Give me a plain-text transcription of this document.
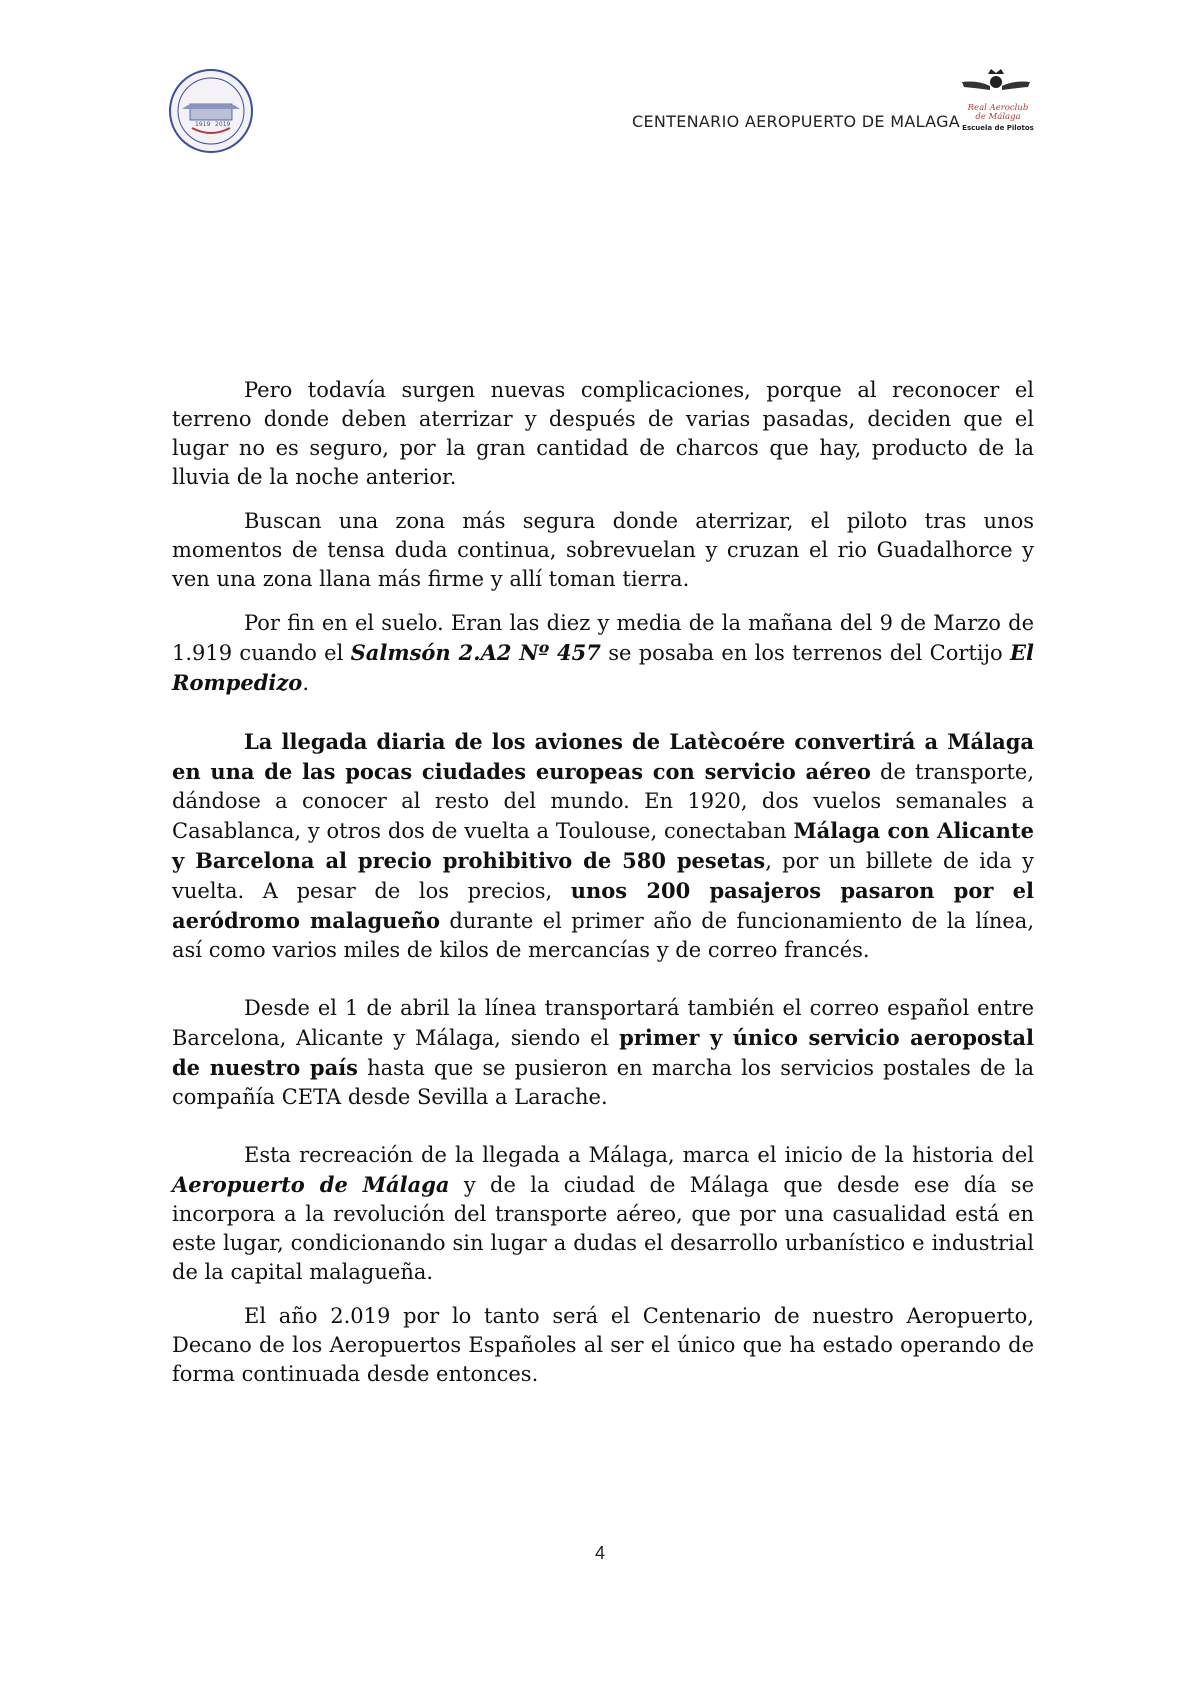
1919 2019	CENTENARIO AEROPUERTO DE MALAGA
Real Aeroclub
de Málaga
Escuela de Pilotos

Pero todavía surgen nuevas complicaciones, porque al reconocer el terreno donde deben aterrizar y después de varias pasadas, deciden que el lugar no es seguro, por la gran cantidad de charcos que hay, producto de la lluvia de la noche anterior.

Buscan una zona más segura donde aterrizar, el piloto tras unos momentos de tensa duda continua, sobrevuelan y cruzan el rio Guadalhorce y ven una zona llana más firme y allí toman tierra.

Por fin en el suelo. Eran las diez y media de la mañana del 9 de Marzo de 1.919 cuando el Salmsón 2.A2 Nº 457 se posaba en los terrenos del Cortijo El Rompedizo.

La llegada diaria de los aviones de Latècoére convertirá a Málaga en una de las pocas ciudades europeas con servicio aéreo de transporte, dándose a conocer al resto del mundo. En 1920, dos vuelos semanales a Casablanca, y otros dos de vuelta a Toulouse, conectaban Málaga con Alicante y Barcelona al precio prohibitivo de 580 pesetas, por un billete de ida y vuelta. A pesar de los precios, unos 200 pasajeros pasaron por el aeródromo malagueño durante el primer año de funcionamiento de la línea, así como varios miles de kilos de mercancías y de correo francés.

Desde el 1 de abril la línea transportará también el correo español entre Barcelona, Alicante y Málaga, siendo el primer y único servicio aeropostal de nuestro país hasta que se pusieron en marcha los servicios postales de la compañía CETA desde Sevilla a Larache.

Esta recreación de la llegada a Málaga, marca el inicio de la historia del Aeropuerto de Málaga y de la ciudad de Málaga que desde ese día se incorpora a la revolución del transporte aéreo, que por una casualidad está en este lugar, condicionando sin lugar a dudas el desarrollo urbanístico e industrial de la capital malagueña.

El año 2.019 por lo tanto será el Centenario de nuestro Aeropuerto, Decano de los Aeropuertos Españoles al ser el único que ha estado operando de forma continuada desde entonces.

4
